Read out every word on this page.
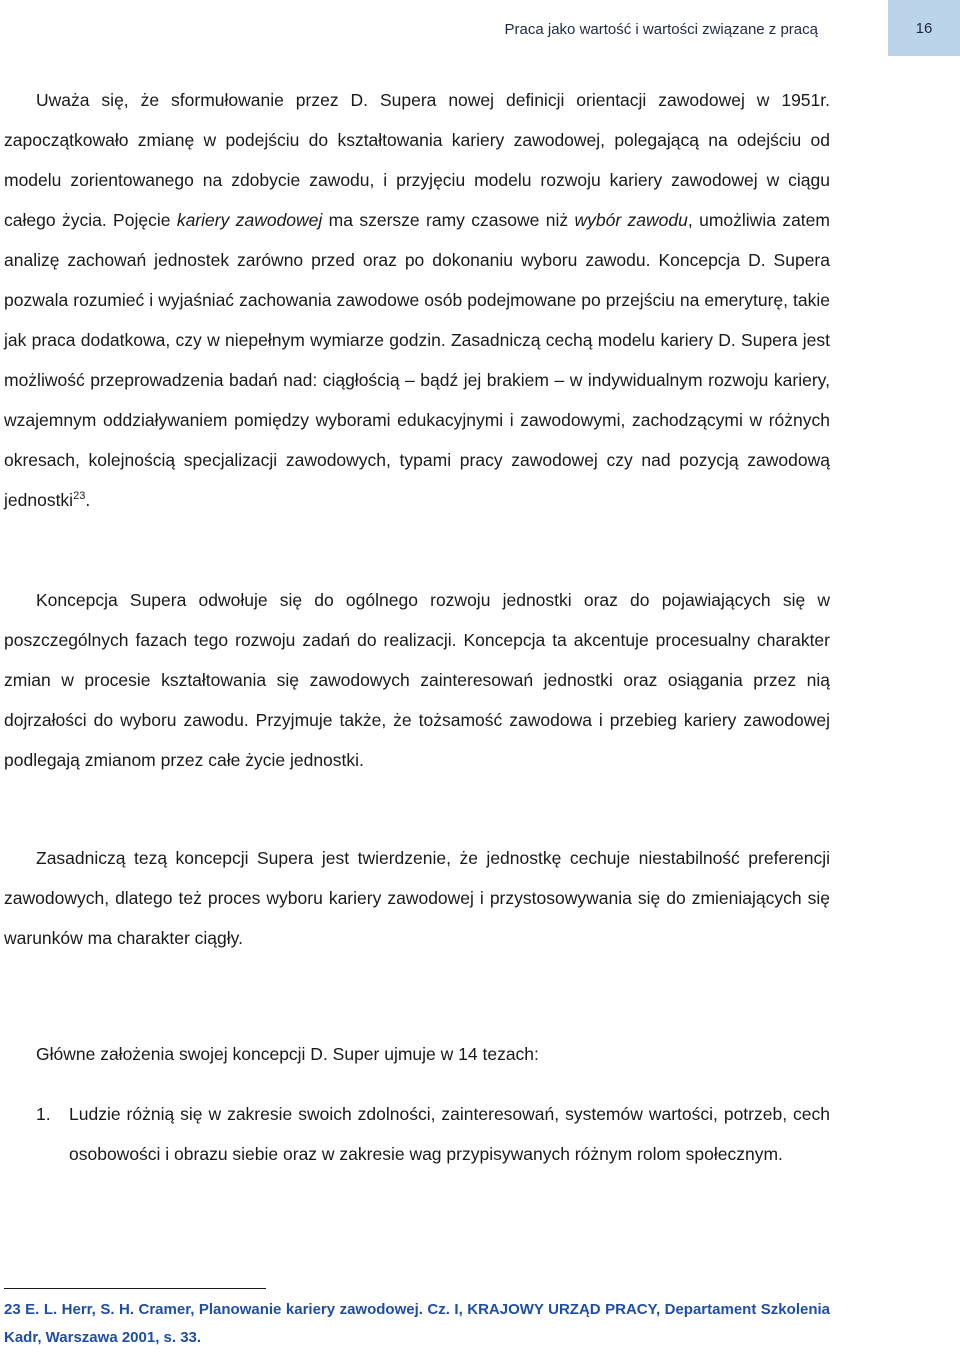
Praca jako wartość i wartości związane z pracą	16

Uważa się, że sformułowanie przez D. Supera nowej definicji orientacji zawodowej w 1951r. zapoczątkowało zmianę w podejściu do kształtowania kariery zawodowej, polegającą na odejściu od modelu zorientowanego na zdobycie zawodu, i przyjęciu modelu rozwoju kariery zawodowej w ciągu całego życia. Pojęcie kariery zawodowej ma szersze ramy czasowe niż wybór zawodu, umożliwia zatem analizę zachowań jednostek zarówno przed oraz po dokonaniu wyboru zawodu. Koncepcja D. Supera pozwala rozumieć i wyjaśniać zachowania zawodowe osób podejmowane po przejściu na emeryturę, takie jak praca dodatkowa, czy w niepełnym wymiarze godzin. Zasadniczą cechą modelu kariery D. Supera jest możliwość przeprowadzenia badań nad: ciągłością – bądź jej brakiem – w indywidualnym rozwoju kariery, wzajemnym oddziaływaniem pomiędzy wyborami edukacyjnymi i zawodowymi, zachodzącymi w różnych okresach, kolejnością specjalizacji zawodowych, typami pracy zawodowej czy nad pozycją zawodową jednostki$^{23}$.

Koncepcja Supera odwołuje się do ogólnego rozwoju jednostki oraz do pojawiających się w poszczególnych fazach tego rozwoju zadań do realizacji. Koncepcja ta akcentuje procesualny charakter zmian w procesie kształtowania się zawodowych zainteresowań jednostki oraz osiągania przez nią dojrzałości do wyboru zawodu. Przyjmuje także, że tożsamość zawodowa i przebieg kariery zawodowej podlegają zmianom przez całe życie jednostki.

Zasadniczą tezą koncepcji Supera jest twierdzenie, że jednostkę cechuje niestabilność preferencji zawodowych, dlatego też proces wyboru kariery zawodowej i przystosowywania się do zmieniających się warunków ma charakter ciągły.

Główne założenia swojej koncepcji D. Super ujmuje w 14 tezach:

1. Ludzie różnią się w zakresie swoich zdolności, zainteresowań, systemów wartości, potrzeb, cech osobowości i obrazu siebie oraz w zakresie wag przypisywanych różnym rolom społecznym.

23 E. L. Herr, S. H. Cramer, Planowanie kariery zawodowej. Cz. I, KRAJOWY URZĄD PRACY, Departament Szkolenia Kadr, Warszawa 2001, s. 33.
